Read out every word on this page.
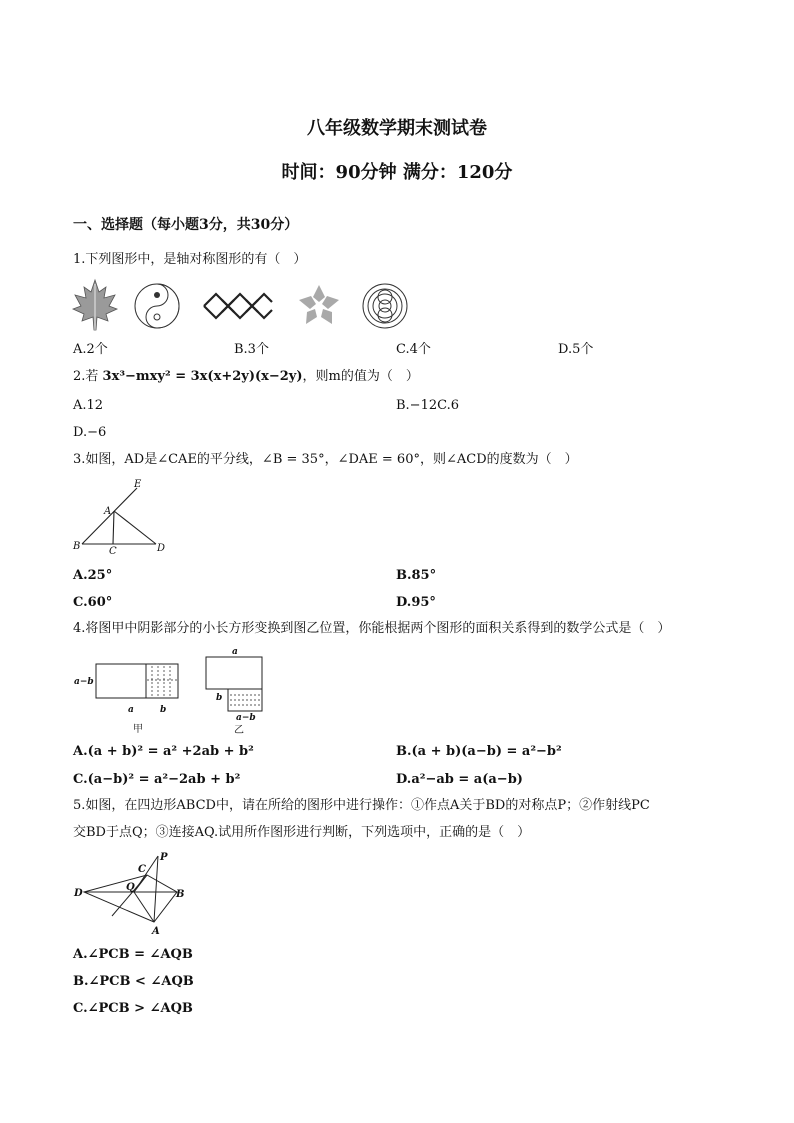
八年级数学期末测试卷
时间：90分钟 满分：120分
一、选择题（每小题3分，共30分）
1.下列图形中，是轴对称图形的有（　）
A.2个	B.3个	C.4个	D.5个
2.若 3x³−mxy² = 3x(x+2y)(x−2y)，则m的值为（　）
A.12	B.−12C.6
D.−6
3.如图，AD是∠CAE的平分线，∠B = 35°，∠DAE = 60°，则∠ACD的度数为（　）
E
A
B	C	D
A.25°	B.85°
C.60°	D.95°
4.将图甲中阴影部分的小长方形变换到图乙位置，你能根据两个图形的面积关系得到的数学公式是（　）
a−b
a	b
甲
a
b
a−b
乙
A.(a + b)² = a² +2ab + b²	B.(a + b)(a−b) = a²−b²
C.(a−b)² = a²−2ab + b²	D.a²−ab = a(a−b)
5.如图，在四边形ABCD中，请在所给的图形中进行操作：①作点A关于BD的对称点P；②作射线PC
交BD于点Q；③连接AQ.试用所作图形进行判断，下列选项中，正确的是（　）
P
C
Q
D	B
A
A.∠PCB = ∠AQB
B.∠PCB < ∠AQB
C.∠PCB > ∠AQB
